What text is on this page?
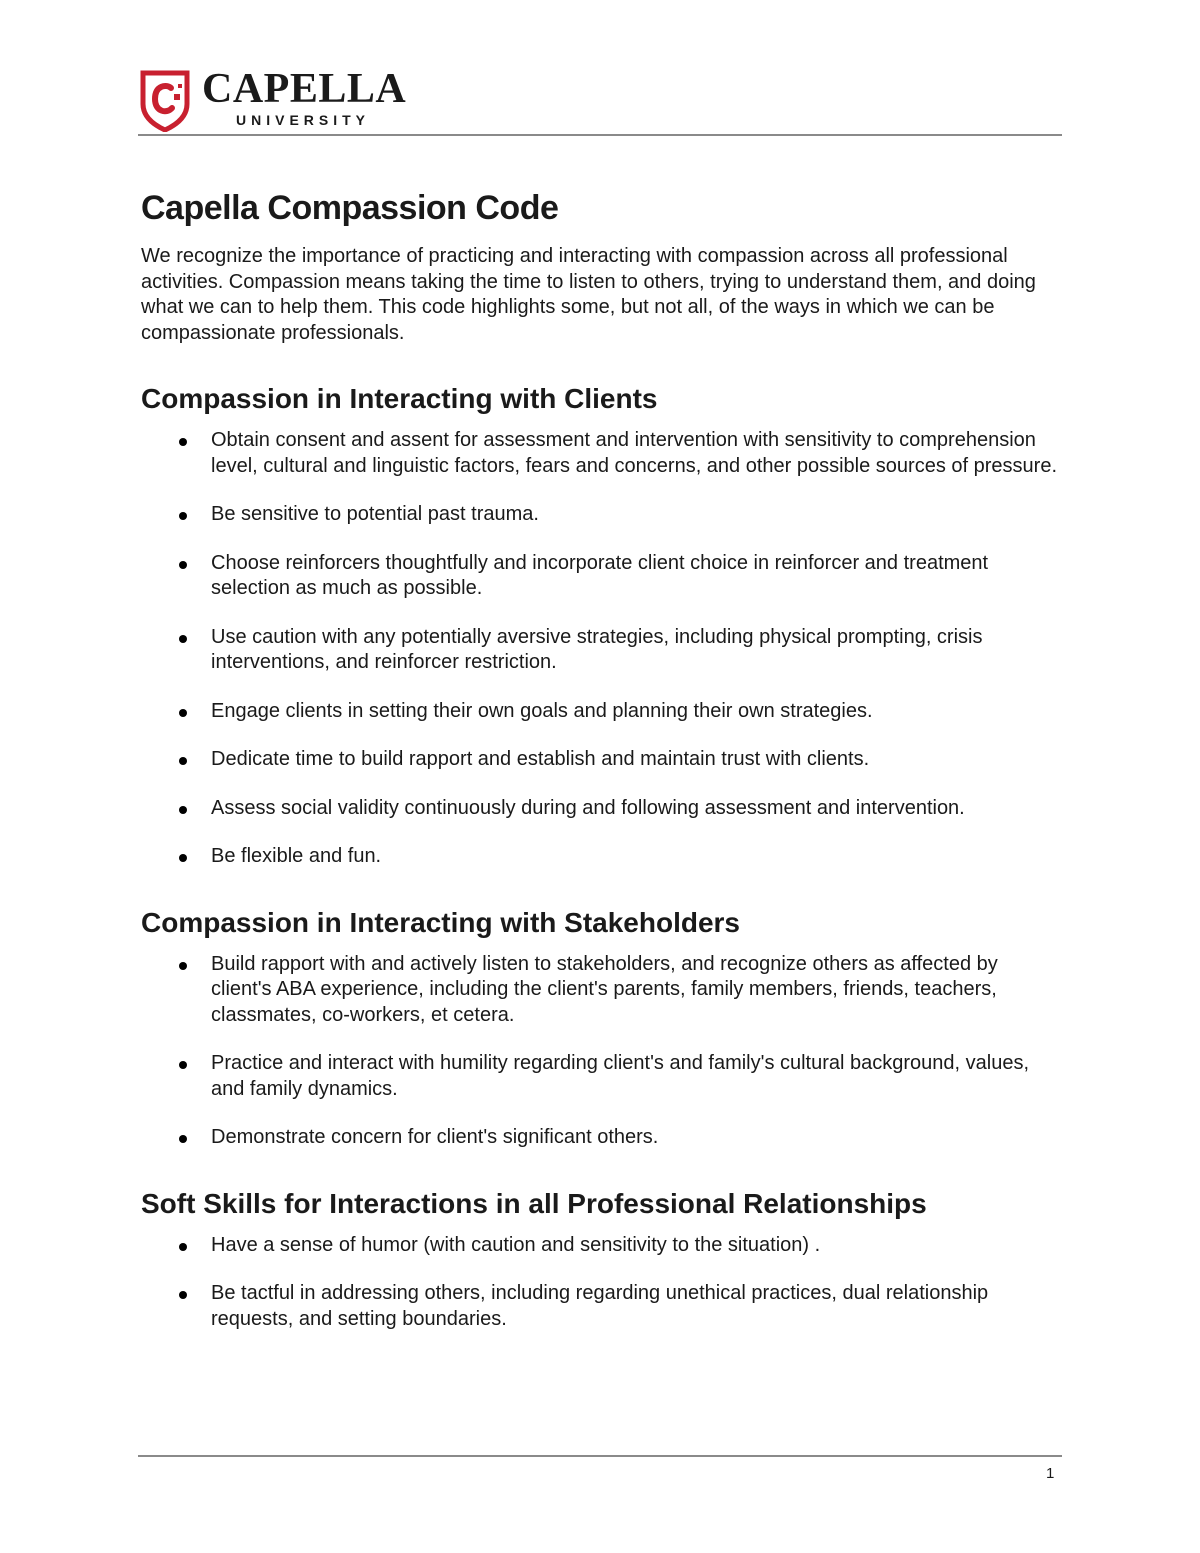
CAPELLA
UNIVERSITY
Capella Compassion Code

We recognize the importance of practicing and interacting with compassion across all professional activities. Compassion means taking the time to listen to others, trying to understand them, and doing what we can to help them. This code highlights some, but not all, of the ways in which we can be compassionate professionals.

Compassion in Interacting with Clients
Obtain consent and assent for assessment and intervention with sensitivity to comprehension level, cultural and linguistic factors, fears and concerns, and other possible sources of pressure.
Be sensitive to potential past trauma.
Choose reinforcers thoughtfully and incorporate client choice in reinforcer and treatment selection as much as possible.
Use caution with any potentially aversive strategies, including physical prompting, crisis interventions, and reinforcer restriction.
Engage clients in setting their own goals and planning their own strategies.
Dedicate time to build rapport and establish and maintain trust with clients.
Assess social validity continuously during and following assessment and intervention.
Be flexible and fun.
Compassion in Interacting with Stakeholders
Build rapport with and actively listen to stakeholders, and recognize others as affected by client's ABA experience, including the client's parents, family members, friends, teachers, classmates, co-workers, et cetera.
Practice and interact with humility regarding client's and family's cultural background, values, and family dynamics.
Demonstrate concern for client's significant others.
Soft Skills for Interactions in all Professional Relationships
Have a sense of humor (with caution and sensitivity to the situation) .
Be tactful in addressing others, including regarding unethical practices, dual relationship requests, and setting boundaries.
1
